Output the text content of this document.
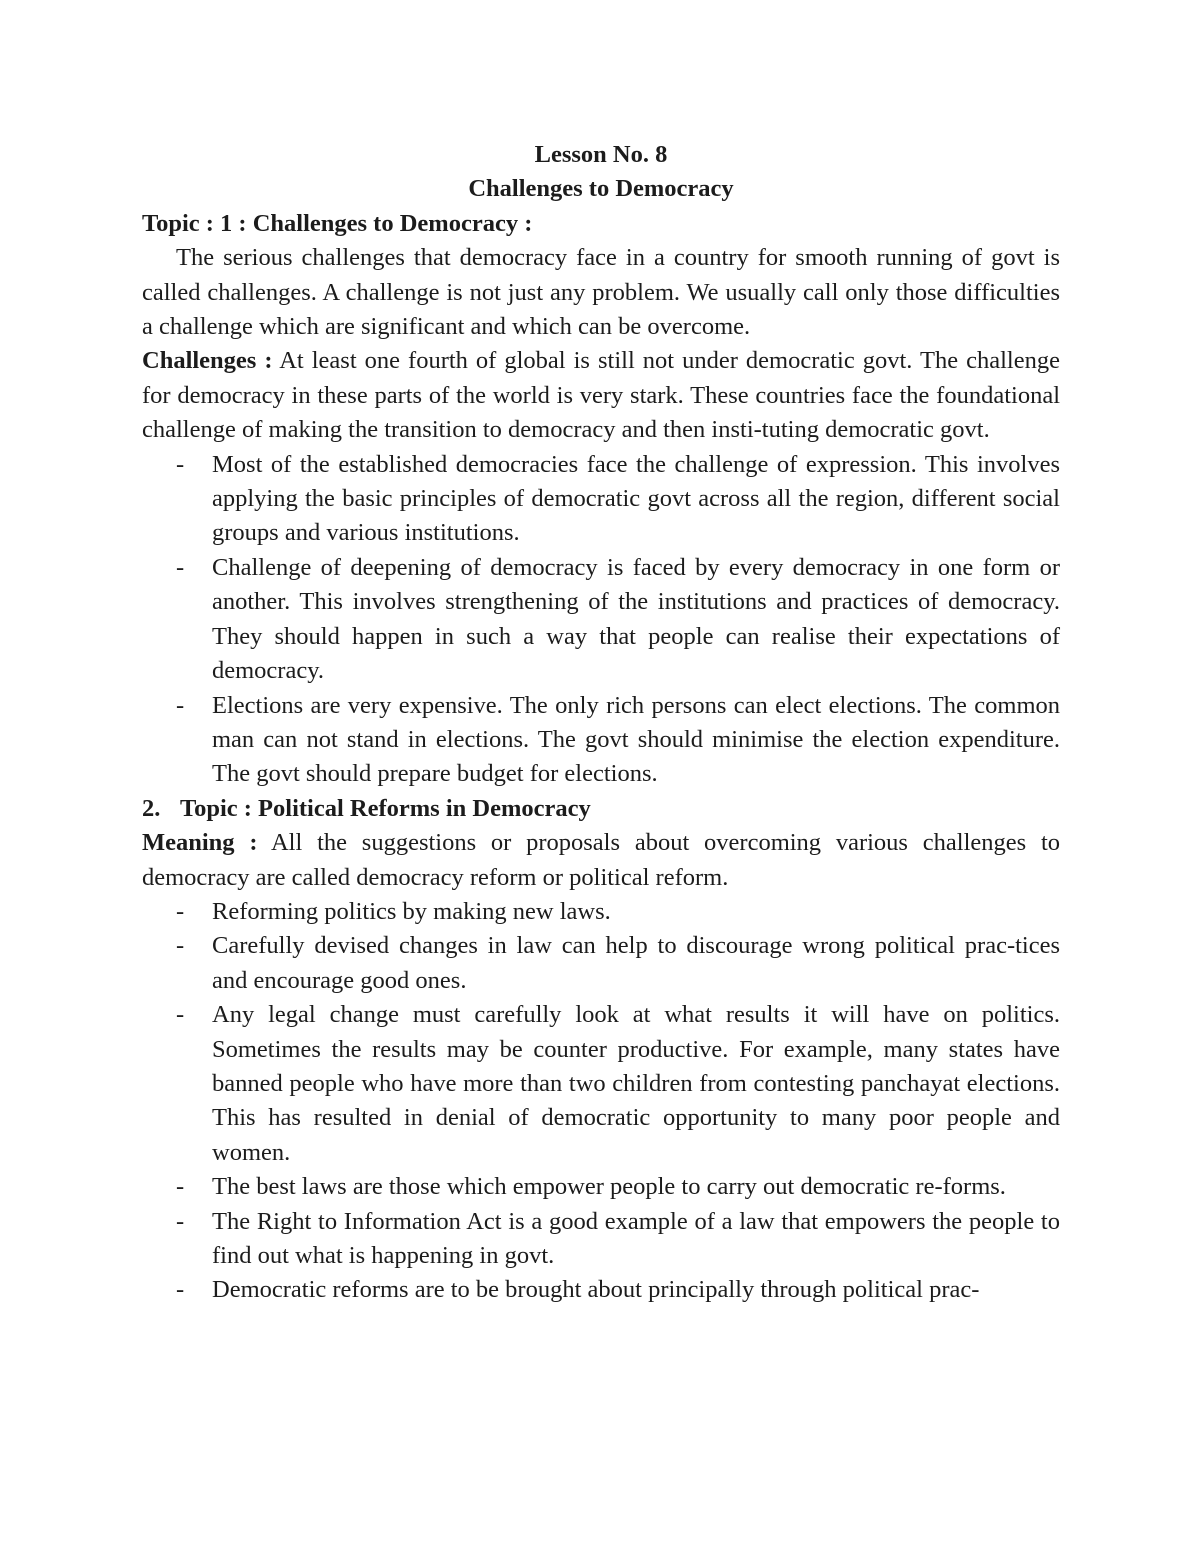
Lesson No. 8

Challenges to Democracy

Topic : 1 : Challenges to Democracy :

The serious challenges that democracy face in a country for smooth running of govt is called challenges. A challenge is not just any problem. We usually call only those difficulties a challenge which are significant and which can be overcome.

Challenges : At least one fourth of global is still not under democratic govt. The challenge for democracy in these parts of the world is very stark. These countries face the foundational challenge of making the transition to democracy and then insti-tuting democratic govt.

- Most of the established democracies face the challenge of expression. This involves applying the basic principles of democratic govt across all the region, different social groups and various institutions.
- Challenge of deepening of democracy is faced by every democracy in one form or another. This involves strengthening of the institutions and practices of democracy. They should happen in such a way that people can realise their expectations of democracy.
- Elections are very expensive. The only rich persons can elect elections. The common man can not stand in elections. The govt should minimise the election expenditure. The govt should prepare budget for elections.

2. Topic : Political Reforms in Democracy

Meaning : All the suggestions or proposals about overcoming various challenges to democracy are called democracy reform or political reform.

- Reforming politics by making new laws.
- Carefully devised changes in law can help to discourage wrong political prac-tices and encourage good ones.
- Any legal change must carefully look at what results it will have on politics. Sometimes the results may be counter productive. For example, many states have banned people who have more than two children from contesting panchayat elections. This has resulted in denial of democratic opportunity to many poor people and women.
- The best laws are those which empower people to carry out democratic re-forms.
- The Right to Information Act is a good example of a law that empowers the people to find out what is happening in govt.
- Democratic reforms are to be brought about principally through political prac-
